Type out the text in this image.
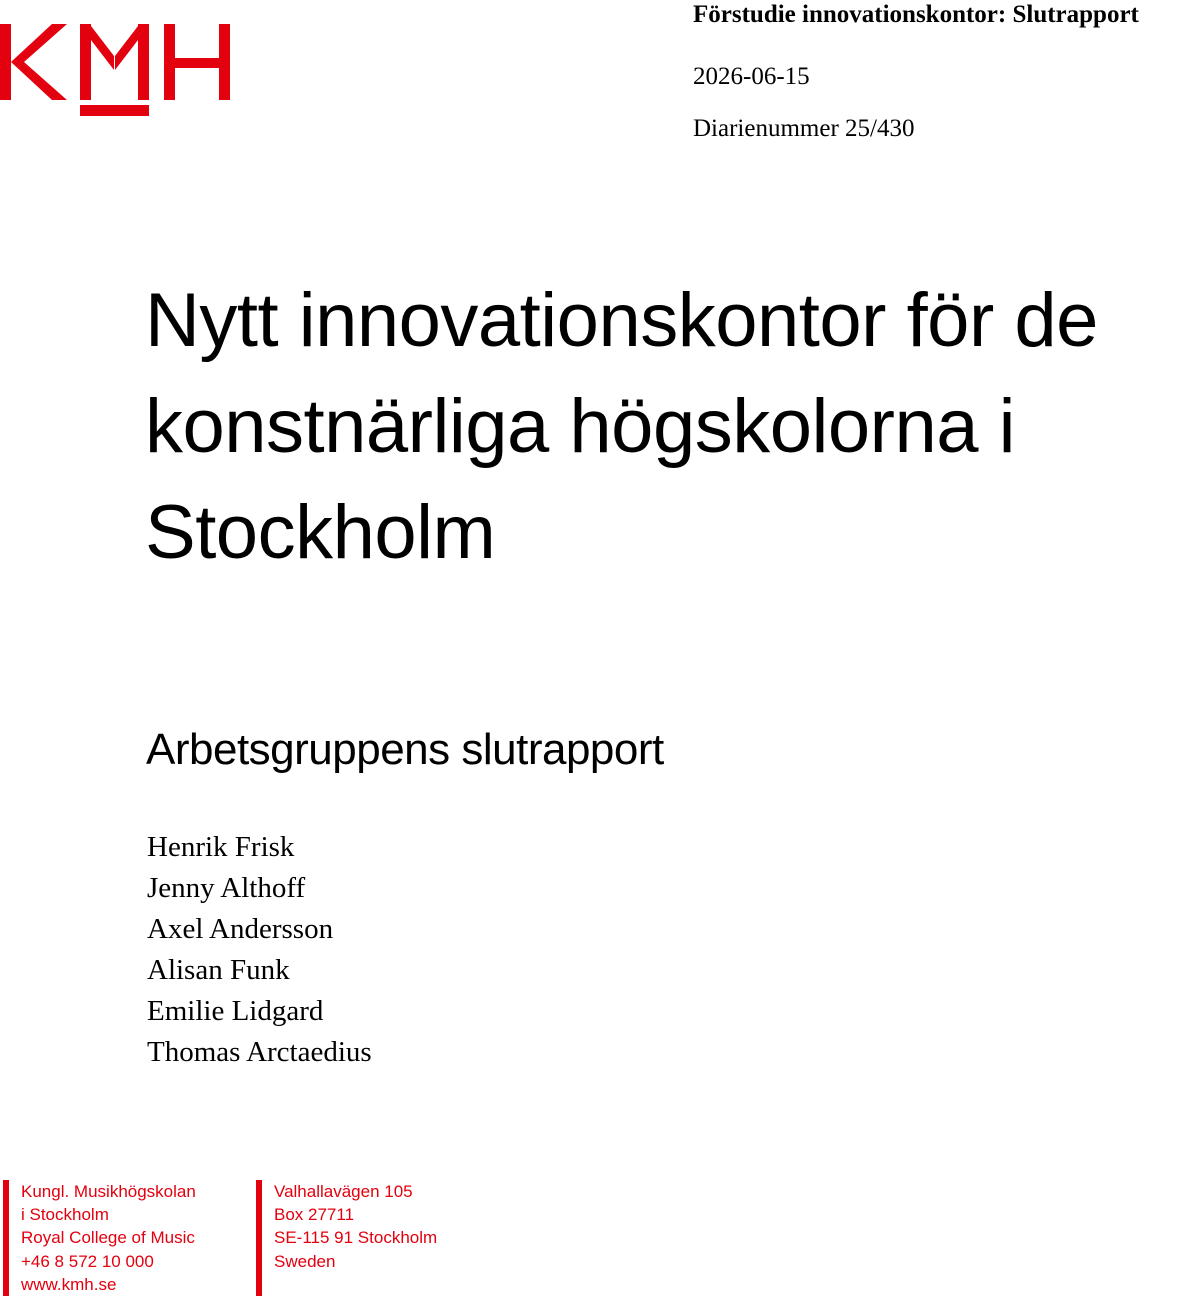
Förstudie innovationskontor: Slutrapport

2026-06-15

Diarienummer 25/430

Nytt innovationskontor för de konstnärliga högskolorna i Stockholm
Arbetsgruppens slutrapport
Henrik Frisk
Jenny Althoff
Axel Andersson
Alisan Funk
Emilie Lidgard
Thomas Arctaedius
Kungl. Musikhögskolan
i Stockholm
Royal College of Music
+46 8 572 10 000
www.kmh.se
Valhallavägen 105
Box 27711
SE-115 91 Stockholm
Sweden
